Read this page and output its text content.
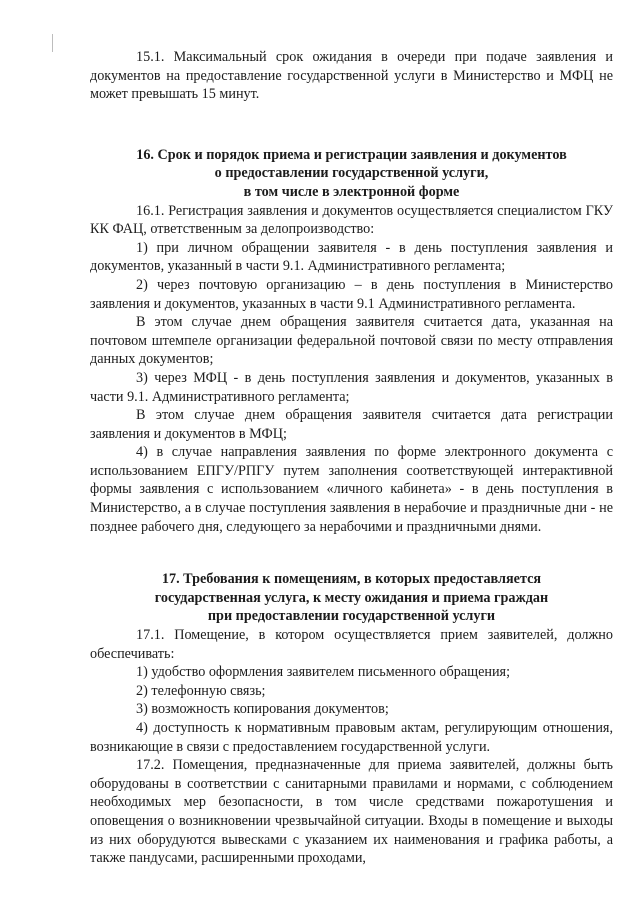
15.1. Максимальный срок ожидания в очереди при подаче заявления и документов на предоставление государственной услуги в Министерство и МФЦ не может превышать 15 минут.

16. Срок и порядок приема и регистрации заявления и документов

о предоставлении государственной услуги,

в том числе в электронной форме

16.1. Регистрация заявления и документов осуществляется специалистом ГКУ КК ФАЦ, ответственным за делопроизводство:

1) при личном обращении заявителя - в день поступления заявления и документов, указанный в части 9.1. Административного регламента;

2) через почтовую организацию – в день поступления в Министерство заявления и документов, указанных в части 9.1 Административного регламента.

В этом случае днем обращения заявителя считается дата, указанная на почтовом штемпеле организации федеральной почтовой связи по месту отправления данных документов;

3) через МФЦ - в день поступления заявления и документов, указанных в части 9.1. Административного регламента;

В этом случае днем обращения заявителя считается дата регистрации заявления и документов в МФЦ;

4) в случае направления заявления по форме электронного документа с использованием ЕПГУ/РПГУ путем заполнения соответствующей интерактивной формы заявления с использованием «личного кабинета» - в день поступления в Министерство, а в случае поступления заявления в нерабочие и праздничные дни - не позднее рабочего дня, следующего за нерабочими и праздничными днями.

17. Требования к помещениям, в которых предоставляется

государственная услуга, к месту ожидания и приема граждан

при предоставлении государственной услуги

17.1. Помещение, в котором осуществляется прием заявителей, должно обеспечивать:

1) удобство оформления заявителем письменного обращения;

2) телефонную связь;

3) возможность копирования документов;

4) доступность к нормативным правовым актам, регулирующим отношения, возникающие в связи с предоставлением государственной услуги.

17.2. Помещения, предназначенные для приема заявителей, должны быть оборудованы в соответствии с санитарными правилами и нормами, с соблюдением необходимых мер безопасности, в том числе средствами пожаротушения и оповещения о возникновении чрезвычайной ситуации. Входы в помещение и выходы из них оборудуются вывесками с указанием их наименования и графика работы, а также пандусами, расширенными проходами,
